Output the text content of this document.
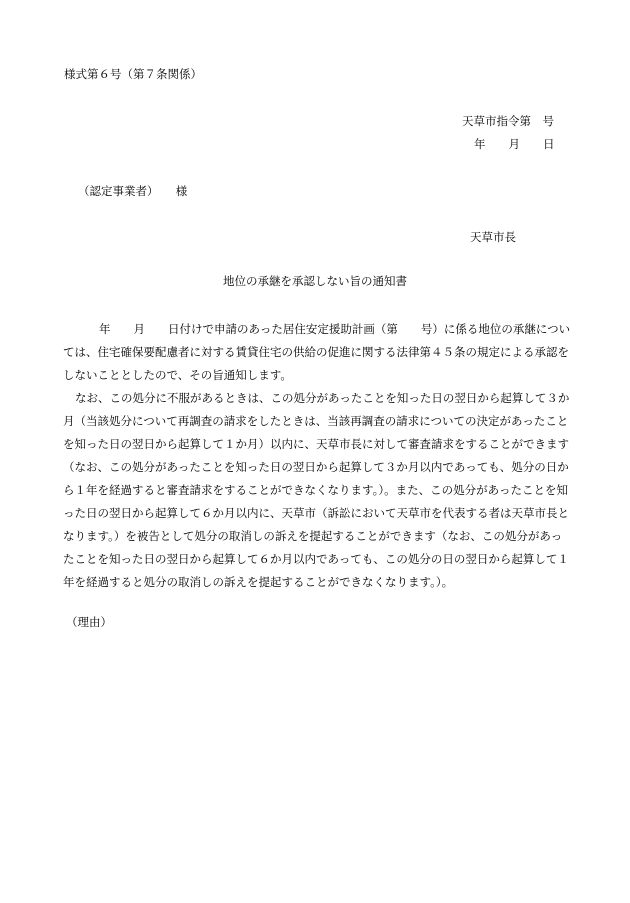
様式第６号（第７条関係）
天草市指令第　号
年　　月　　日
（認定事業者）　　様
天草市長
地位の承継を承認しない旨の通知書

年　　月　　日付けで申請のあった居住安定援助計画（第　　号）に係る地位の承継については、住宅確保要配慮者に対する賃貸住宅の供給の促進に関する法律第４５条の規定による承認をしないこととしたので、その旨通知します。

なお、この処分に不服があるときは、この処分があったことを知った日の翌日から起算して３か月（当該処分について再調査の請求をしたときは、当該再調査の請求についての決定があったことを知った日の翌日から起算して１か月）以内に、天草市長に対して審査請求をすることができます（なお、この処分があったことを知った日の翌日から起算して３か月以内であっても、処分の日から１年を経過すると審査請求をすることができなくなります。）。また、この処分があったことを知った日の翌日から起算して６か月以内に、天草市（訴訟において天草市を代表する者は天草市長となります。）を被告として処分の取消しの訴えを提起することができます（なお、この処分があったことを知った日の翌日から起算して６か月以内であっても、この処分の日の翌日から起算して１年を経過すると処分の取消しの訴えを提起することができなくなります。）。

（理由）
